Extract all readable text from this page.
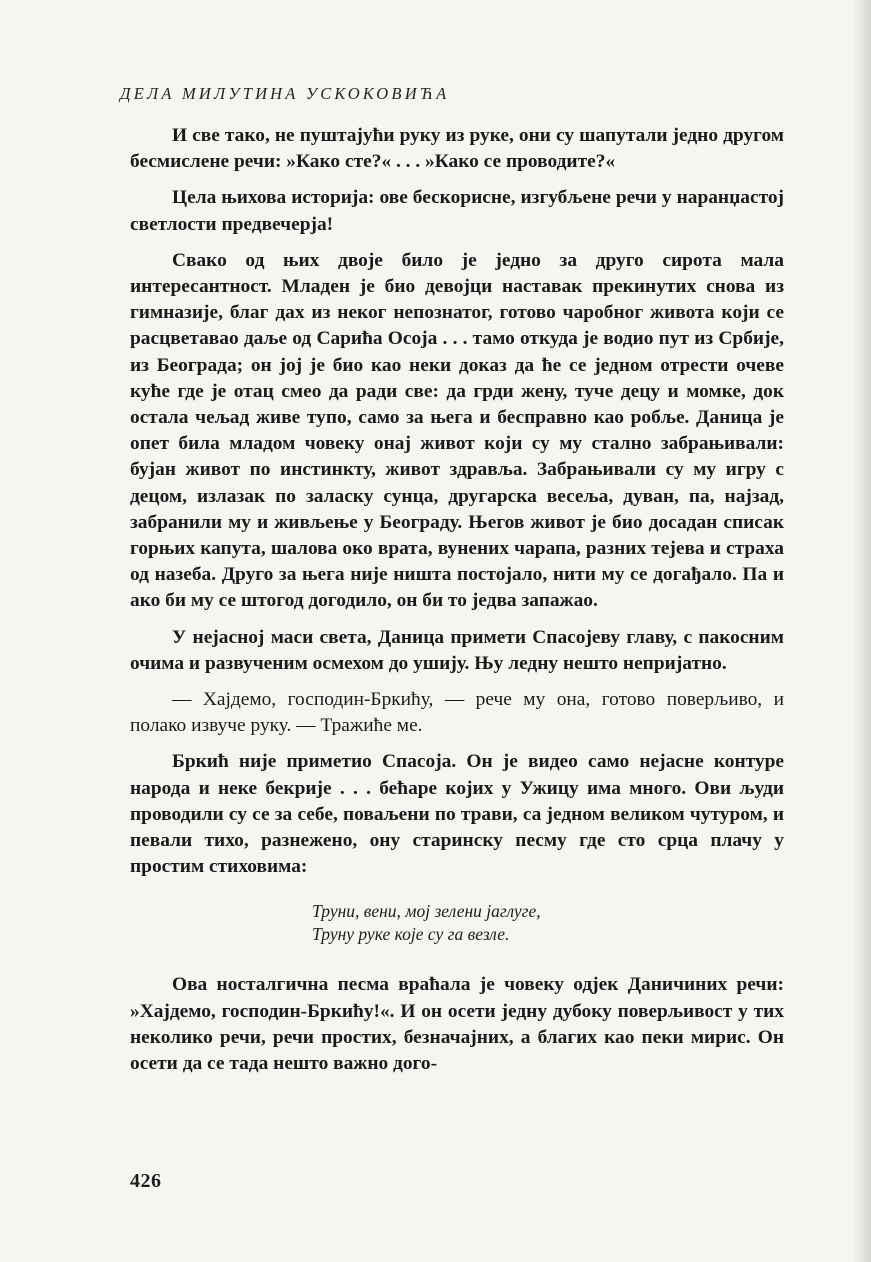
ДЕЛА МИЛУТИНА УСКОКОВИЋА

И све тако, не пуштајући руку из руке, они су шапутали једно другом бесмислене речи: »Како сте?« . . . »Како се проводите?«

Цела њихова историја: ове бескорисне, изгубљене речи у наранџастој светлости предвечерја!

Свако од њих двоје било је једно за друго сирота мала интересантност. Младен је био девојци наставак прекинутих снова из гимназије, благ дах из неког непознатог, готово чаробног живота који се расцветавао даље од Сарића Осоја . . . тамо откуда је водио пут из Србије, из Београда; он јој је био као неки доказ да ће се једном отрести очеве куће где је отац смео да ради све: да грди жену, туче децу и момке, док остала чељад живе тупо, само за њега и бесправно као робље. Даница је опет била младом човеку онај живот који су му стално забрањивали: бујан живот по инстинкту, живот здравља. Забрањивали су му игру с децом, излазак по заласку сунца, другарска весеља, дуван, па, најзад, забранили му и живљење у Београду. Његов живот је био досадан списак горњих капута, шалова око врата, вунених чарапа, разних тејева и страха од назеба. Друго за њега није ништа постојало, нити му се догађало. Па и ако би му се штогод догодило, он би то једва запажао.

У нејасној маси света, Даница примети Спасојеву главу, с пакосним очима и развученим осмехом до ушију. Њу ледну нешто непријатно.

— Хајдемо, господин-Бркићу, — рече му она, готово поверљиво, и полако извуче руку. — Тражиће ме.

Бркић није приметио Спасоја. Он је видео само нејасне контуре народа и неке бекрије . . . бећаре којих у Ужицу има много. Ови људи проводили су се за себе, поваљени по трави, са једном великом чутуром, и певали тихо, разнежено, ону старинску песму где сто срца плачу у простим стиховима:

Труни, вени, мој зелени јаглуге,
Труну руке које су га везле.

Ова носталгична песма враћала је човеку одјек Даничиних речи: »Хајдемо, господин-Бркићу!«. И он осети једну дубоку поверљивост у тих неколико речи, речи простих, безначајних, а благих као пеки мирис. Он осети да се тада нешто важно дого-

426
